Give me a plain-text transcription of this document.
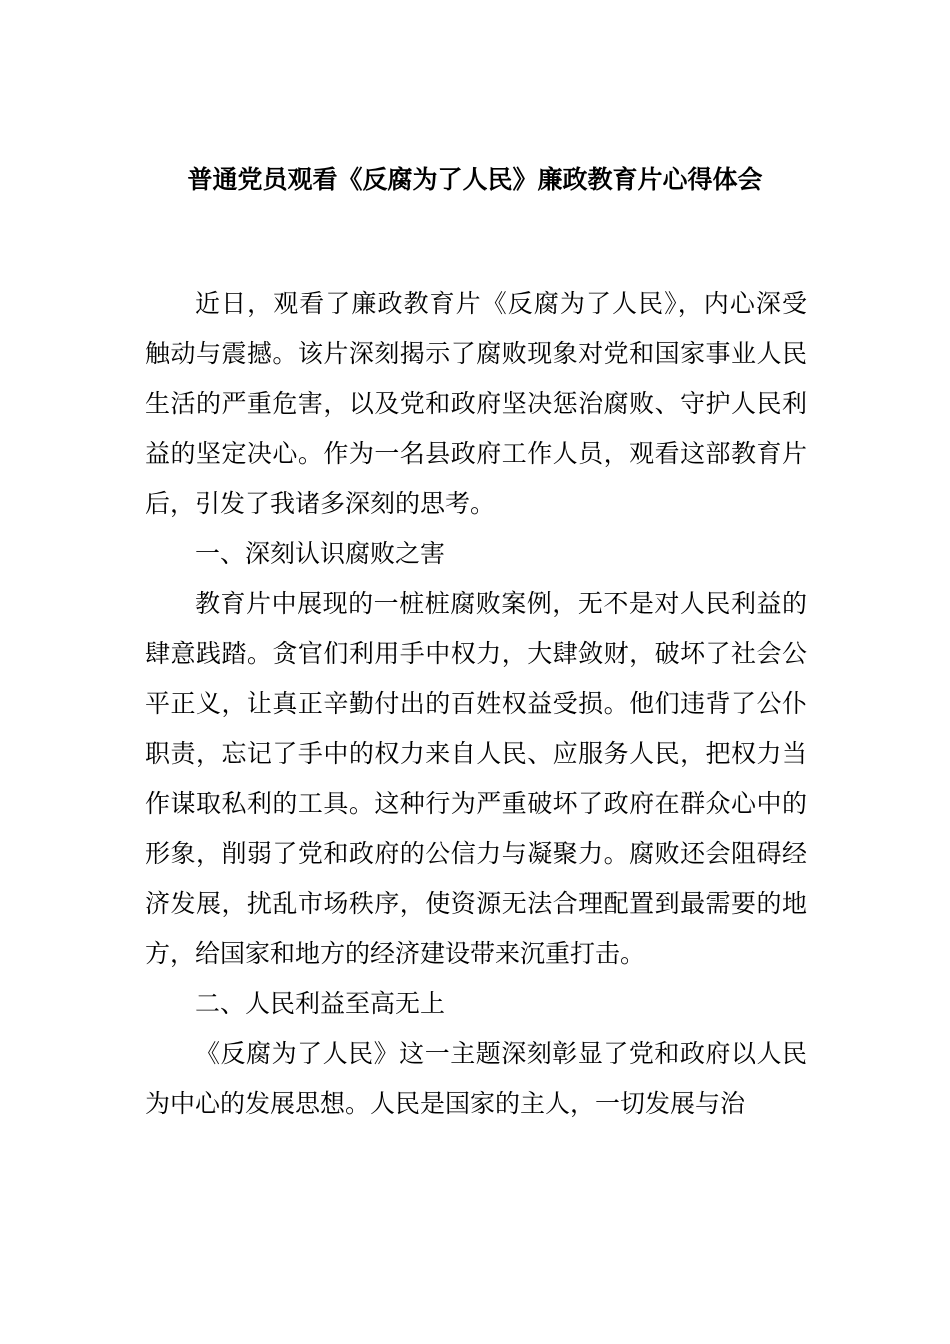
普通党员观看《反腐为了人民》廉政教育片心得体会

近日，观看了廉政教育片《反腐为了人民》，内心深受触动与震撼。该片深刻揭示了腐败现象对党和国家事业人民生活的严重危害，以及党和政府坚决惩治腐败、守护人民利益的坚定决心。作为一名县政府工作人员，观看这部教育片后，引发了我诸多深刻的思考。

一、深刻认识腐败之害

教育片中展现的一桩桩腐败案例，无不是对人民利益的肆意践踏。贪官们利用手中权力，大肆敛财，破坏了社会公平正义，让真正辛勤付出的百姓权益受损。他们违背了公仆职责，忘记了手中的权力来自人民、应服务人民，把权力当作谋取私利的工具。这种行为严重破坏了政府在群众心中的形象，削弱了党和政府的公信力与凝聚力。腐败还会阻碍经济发展，扰乱市场秩序，使资源无法合理配置到最需要的地方，给国家和地方的经济建设带来沉重打击。

二、人民利益至高无上

《反腐为了人民》这一主题深刻彰显了党和政府以人民为中心的发展思想。人民是国家的主人，一切发展与治
